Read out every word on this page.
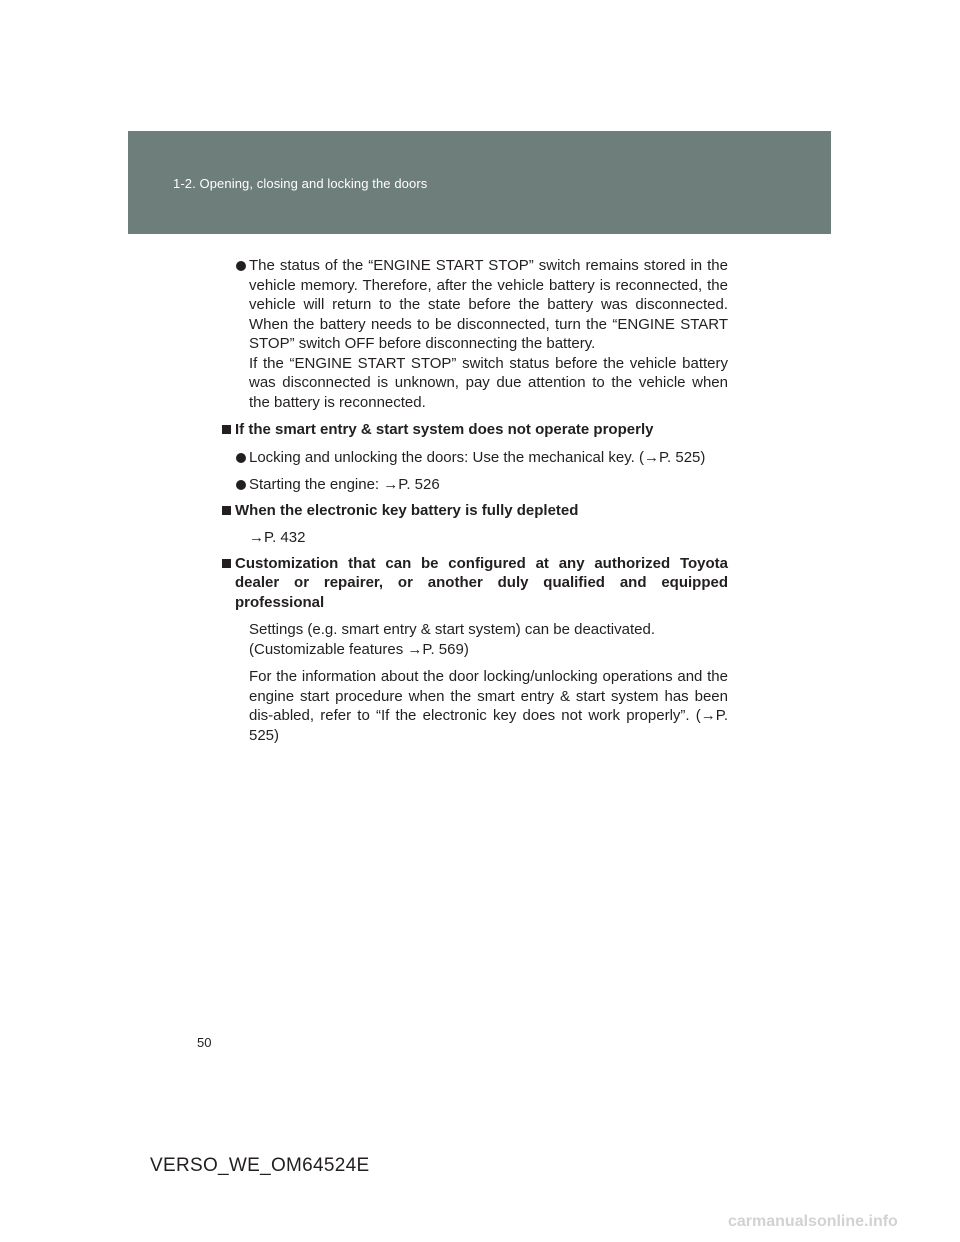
1-2. Opening, closing and locking the doors
The status of the “ENGINE START STOP” switch remains stored in the vehicle memory. Therefore, after the vehicle battery is reconnected, the vehicle will return to the state before the battery was disconnected. When the battery needs to be disconnected, turn the “ENGINE START STOP” switch OFF before disconnecting the battery.
If the “ENGINE START STOP” switch status before the vehicle battery was disconnected is unknown, pay due attention to the vehicle when the battery is reconnected.
If the smart entry & start system does not operate properly
Locking and unlocking the doors: Use the mechanical key. (→P. 525)
Starting the engine: →P. 526
When the electronic key battery is fully depleted
→P. 432
Customization that can be configured at any authorized Toyota dealer or repairer, or another duly qualified and equipped professional
Settings (e.g. smart entry & start system) can be deactivated.
(Customizable features →P. 569)
For the information about the door locking/unlocking operations and the engine start procedure when the smart entry & start system has been dis-abled, refer to “If the electronic key does not work properly”. (→P. 525)
50
VERSO_WE_OM64524E
carmanualsonline.info
